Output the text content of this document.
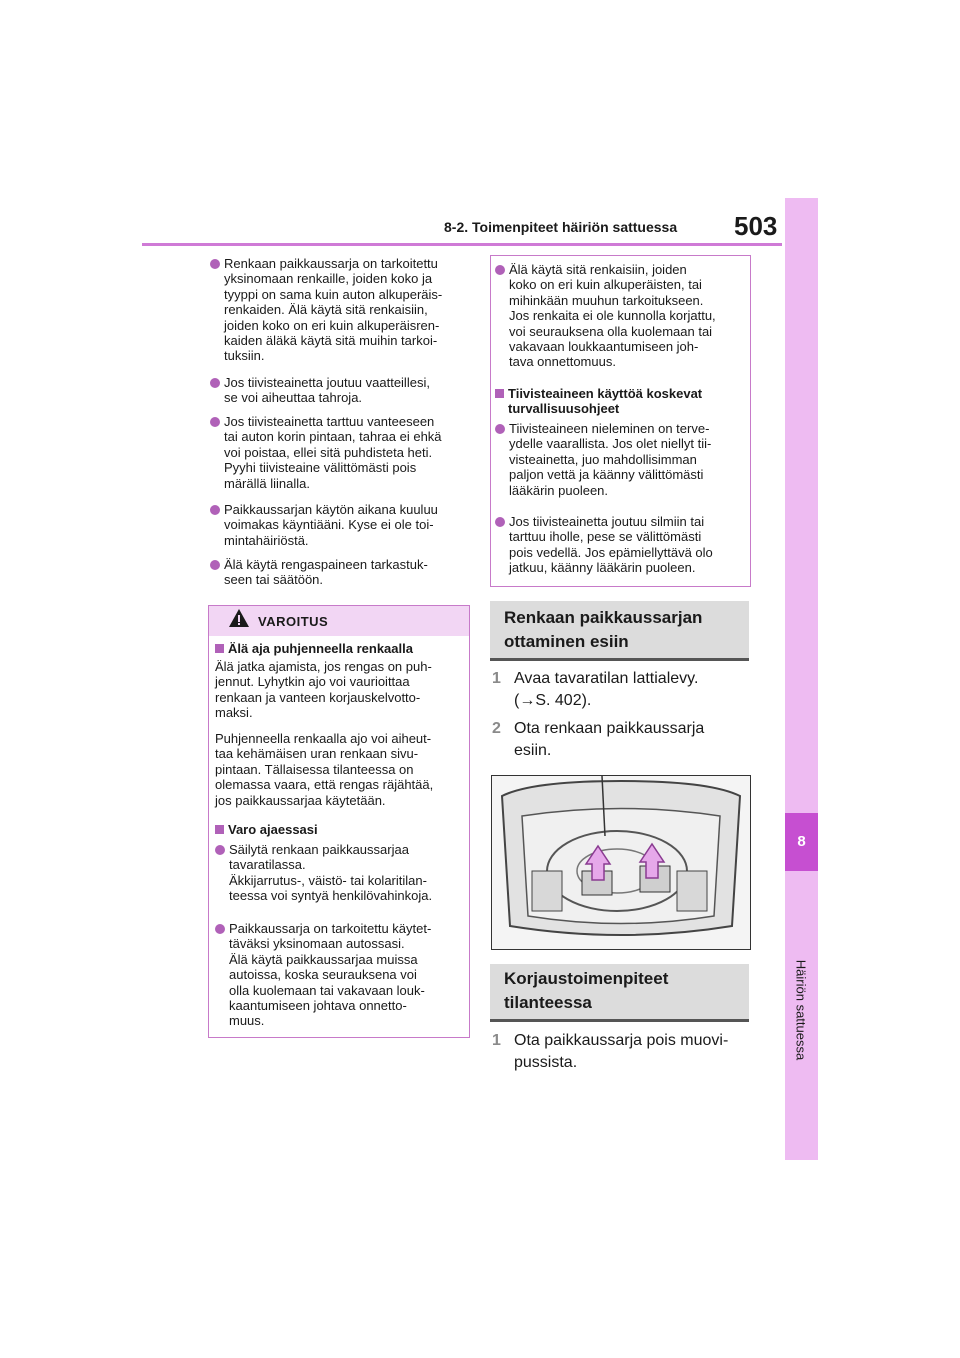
8-2. Toimenpiteet häiriön sattuessa 503
8
Häiriön sattuessa
Renkaan paikkaussarja on tarkoitettu
yksinomaan renkaille, joiden koko ja
tyyppi on sama kuin auton alkuperäis-
renkaiden. Älä käytä sitä renkaisiin,
joiden koko on eri kuin alkuperäisren-
kaiden äläkä käytä sitä muihin tarkoi-
tuksiin.
Jos tiivisteainetta joutuu vaatteillesi,
se voi aiheuttaa tahroja.
Jos tiivisteainetta tarttuu vanteeseen
tai auton korin pintaan, tahraa ei ehkä
voi poistaa, ellei sitä puhdisteta heti.
Pyyhi tiivisteaine välittömästi pois
märällä liinalla.
Paikkaussarjan käytön aikana kuuluu
voimakas käyntiääni. Kyse ei ole toi-
mintahäiriöstä.
Älä käytä rengaspaineen tarkastuk-
seen tai säätöön.
VAROITUS
Älä aja puhjenneella renkaalla
Älä jatka ajamista, jos rengas on puh-
jennut. Lyhytkin ajo voi vaurioittaa
renkaan ja vanteen korjauskelvotto-
maksi.
Puhjenneella renkaalla ajo voi aiheut-
taa kehämäisen uran renkaan sivu-
pintaan. Tällaisessa tilanteessa on
olemassa vaara, että rengas räjähtää,
jos paikkaussarjaa käytetään.
Varo ajaessasi
Säilytä renkaan paikkaussarjaa
tavaratilassa.
Äkkijarrutus-, väistö- tai kolaritilan-
teessa voi syntyä henkilövahinkoja.
Paikkaussarja on tarkoitettu käytet-
täväksi yksinomaan autossasi.
Älä käytä paikkaussarjaa muissa
autoissa, koska seurauksena voi
olla kuolemaan tai vakavaan louk-
kaantumiseen johtava onnetto-
muus.
Älä käytä sitä renkaisiin, joiden
koko on eri kuin alkuperäisten, tai
mihinkään muuhun tarkoitukseen.
Jos renkaita ei ole kunnolla korjattu,
voi seurauksena olla kuolemaan tai
vakavaan loukkaantumiseen joh-
tava onnettomuus.
Tiivisteaineen käyttöä koskevat
turvallisuusohjeet
Tiivisteaineen nieleminen on terve-
ydelle vaarallista. Jos olet niellyt tii-
visteainetta, juo mahdollisimman
paljon vettä ja käänny välittömästi
lääkärin puoleen.
Jos tiivisteainetta joutuu silmiin tai
tarttuu iholle, pese se välittömästi
pois vedellä. Jos epämiellyttävä olo
jatkuu, käänny lääkärin puoleen.
Renkaan paikkaussarjan
ottaminen esiin
1 Avaa tavaratilan lattialevy.
(→S. 402).
2 Ota renkaan paikkaussarja
esiin.
Korjaustoimenpiteet
tilanteessa
1 Ota paikkaussarja pois muovi-
pussista.
